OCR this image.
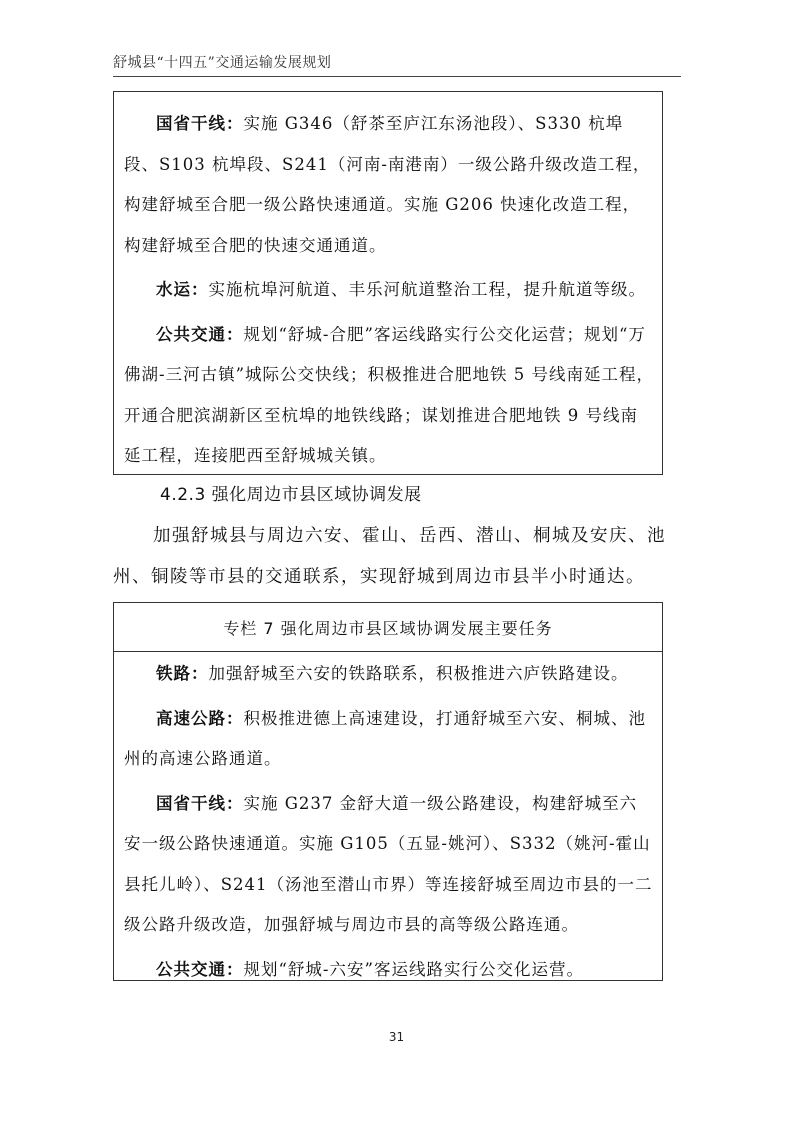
舒城县“十四五”交通运输发展规划

国省干线：实施 G346（舒茶至庐江东汤池段）、S330 杭埠段、S103 杭埠段、S241（河南-南港南）一级公路升级改造工程，构建舒城至合肥一级公路快速通道。实施 G206 快速化改造工程，构建舒城至合肥的快速交通通道。

水运：实施杭埠河航道、丰乐河航道整治工程，提升航道等级。

公共交通：规划“舒城-合肥”客运线路实行公交化运营；规划“万佛湖-三河古镇”城际公交快线；积极推进合肥地铁 5 号线南延工程，开通合肥滨湖新区至杭埠的地铁线路；谋划推进合肥地铁 9 号线南延工程，连接肥西至舒城城关镇。

4.2.3 强化周边市县区域协调发展
加强舒城县与周边六安、霍山、岳西、潜山、桐城及安庆、池州、铜陵等市县的交通联系，实现舒城到周边市县半小时通达。
专栏 7 强化周边市县区域协调发展主要任务

铁路：加强舒城至六安的铁路联系，积极推进六庐铁路建设。

高速公路：积极推进德上高速建设，打通舒城至六安、桐城、池州的高速公路通道。

国省干线：实施 G237 金舒大道一级公路建设，构建舒城至六安一级公路快速通道。实施 G105（五显-姚河）、S332（姚河-霍山县托儿岭）、S241（汤池至潜山市界）等连接舒城至周边市县的一二级公路升级改造，加强舒城与周边市县的高等级公路连通。

公共交通：规划“舒城-六安”客运线路实行公交化运营。

31
